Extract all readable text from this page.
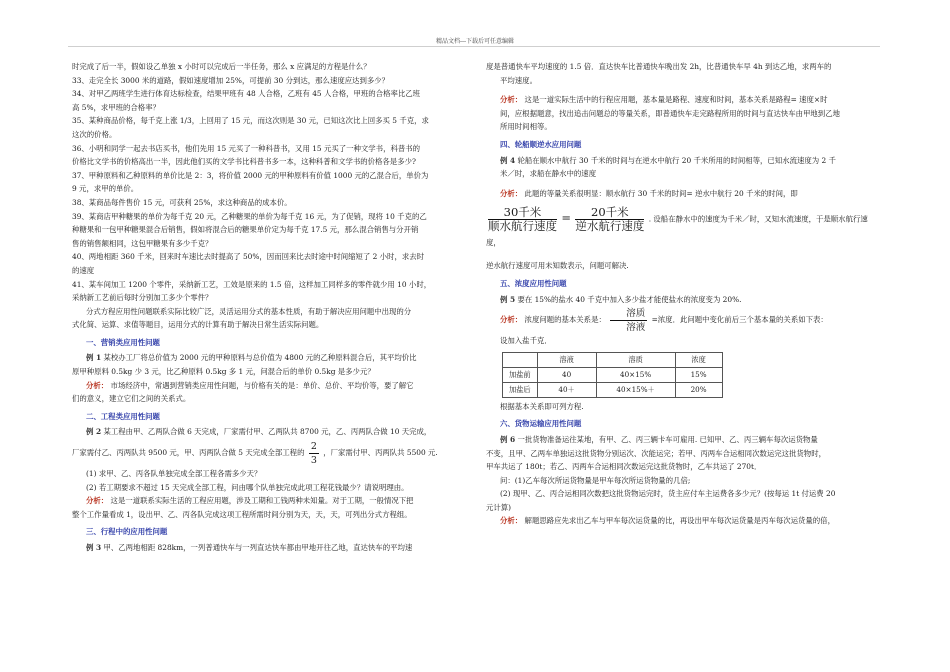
精品文档---下载后可任意编辑

时完成了后一半，假如设乙单独 x 小时可以完成后一半任务，那么 x 应满足的方程是什么？

33、走完全长 3000 米的道路，假如速度增加 25%，可提前 30 分到达，那么速度应达到多少？

34、对甲乙两班学生进行体育达标检查，结果甲班有 48 人合格，乙班有 45 人合格，甲班的合格率比乙班

高 5%，求甲班的合格率？

35、某种商品价格，每千克上涨 1/3，上回用了 15 元，而这次则是 30 元，已知这次比上回多买 5 千克，求

这次的价格。

36、小明和同学一起去书店买书，他们先用 15 元买了一种科普书，又用 15 元买了一种文学书，科普书的

价格比文学书的价格高出一半，因此他们买的文学书比科普书多一本，这种科普和文学书的价格各是多少?

37、甲种原料和乙种原料的单价比是 2：3，将价值 2000 元的甲种原料有价值 1000 元的乙混合后，单价为

9 元，求甲的单价。

38、某商品每件售价 15 元，可获利 25%，求这种商品的成本价。

39、某商店甲种糖果的单价为每千克 20 元，乙种糖果的单价为每千克 16 元，为了促销，现将 10 千克的乙

种糖果和一包甲种糖果混合后销售，假如将混合后的糖果单价定为每千克 17.5 元，那么混合销售与分开销

售的销售额相同，这包甲糖果有多少千克？

40、两地相距 360 千米，回来时车速比去时提高了 50%，因而回来比去时途中时间缩短了 2 小时，求去时

的速度

41、某车间加工 1200 个零件，采纳新工艺，工效是原来的 1.5 倍，这样加工同样多的零件就少用 10 小时，

采纳新工艺前后每时分别加工多少个零件？

分式方程应用性问题联系实际比较广泛，灵活运用分式的基本性质，有助于解决应用问题中出现的分

式化简、运算、求值等题目，运用分式的计算有助于解决日常生活实际问题。

一、营销类应用性问题

例 1 某校办工厂将总价值为 2000 元的甲种原料与总价值为 4800 元的乙种原料混合后，其平均价比

原甲种原料 0.5kg 少 3 元，比乙种原料 0.5kg 多 1 元，问混合后的单价 0.5kg 是多少元？

分析： 市场经济中，常遇到营销类应用性问题，与价格有关的是：单价、总价、平均价等，要了解它

们的意义，建立它们之间的关系式。

二、工程类应用性问题

例 2 某工程由甲、乙两队合做 6 天完成，厂家需付甲、乙两队共 8700 元，乙、丙两队合做 10 天完成，

厂家需付乙、丙两队共 9500 元，甲、丙两队合做 5 天完成全部工程的 $\frac{2}{3}$ ，厂家需付甲、丙两队共 5500 元.

(1) 求甲、乙、丙各队单独完成全部工程各需多少天？

(2) 若工期要求不超过 15 天完成全部工程，问由哪个队单独完成此项工程花钱最少？请说明理由。

分析： 这是一道联系实际生活的工程应用题，涉及工期和工钱两种未知量。对于工期，一般情况下把

整个工作量看成 1，设出甲、乙、丙各队完成这项工程所需时间分别为天，天，天，可列出分式方程组。

三、行程中的应用性问题

例 3 甲、乙两地相距 828km，一列普通快车与一列直达快车都由甲地开往乙地，直达快车的平均速

度是普通快车平均速度的 1.5 倍．直达快车比普通快车晚出发 2h，比普通快车早 4h 到达乙地，求两车的

平均速度。

分析： 这是一道实际生活中的行程应用题，基本量是路程、速度和时间，基本关系是路程= 速度×时

间，应根据题意，找出追击问题总的等量关系，即普通快车走完路程所用的时间与直达快车由甲地到乙地

所用时间相等。

四、轮船顺逆水应用问题

例 4 轮船在顺水中航行 30 千米的时间与在逆水中航行 20 千米所用的时间相等，已知水流速度为 2 千

米／时，求船在静水中的速度

分析： 此题的等量关系很明显：顺水航行 30 千米的时间= 逆水中航行 20 千米的时间，即

$\frac{\text{30千米}}{\text{顺水航行速度}} = \frac{\text{20千米}}{\text{逆水航行速度}}$ . 设船在静水中的速度为千米／时，又知水流速度，于是顺水航行速度，

逆水航行速度可用未知数表示，问题可解决.

五、浓度应用性问题

例 5 要在 15%的盐水 40 千克中加入多少盐才能使盐水的浓度变为 20%.

分析： 浓度问题的基本关系是： $\frac{\text{溶质}}{\text{溶液}}$ =浓度．此问题中变化前后三个基本量的关系如下表：

设加入盐千克．

	溶液	溶质	浓度
加盐前	40	40×15%	15%
加盐后	40＋	40×15%＋	20%

根据基本关系即可列方程.

六、货物运输应用性问题

例 6 一批货物准备运往某地，有甲、乙、丙三辆卡车可雇用. 已知甲、乙、丙三辆车每次运货物量

不变，且甲、乙两车单独运这批货物分别运次、次能运完；若甲、丙两车合运相同次数运完这批货物时，

甲车共运了 180t；若乙、丙两车合运相同次数运完这批货物时，乙车共运了 270t．

问：(1)乙车每次所运货物量是甲车每次所运货物量的几倍;

(2) 现甲、乙、丙合运相同次数把这批货物运完时，货主应付车主运费各多少元？(按每运 1t 付运费 20

元计算)

分析： 解题思路应先求出乙车与甲车每次运货量的比，再设出甲车每次运货量是丙车每次运货量的倍，
